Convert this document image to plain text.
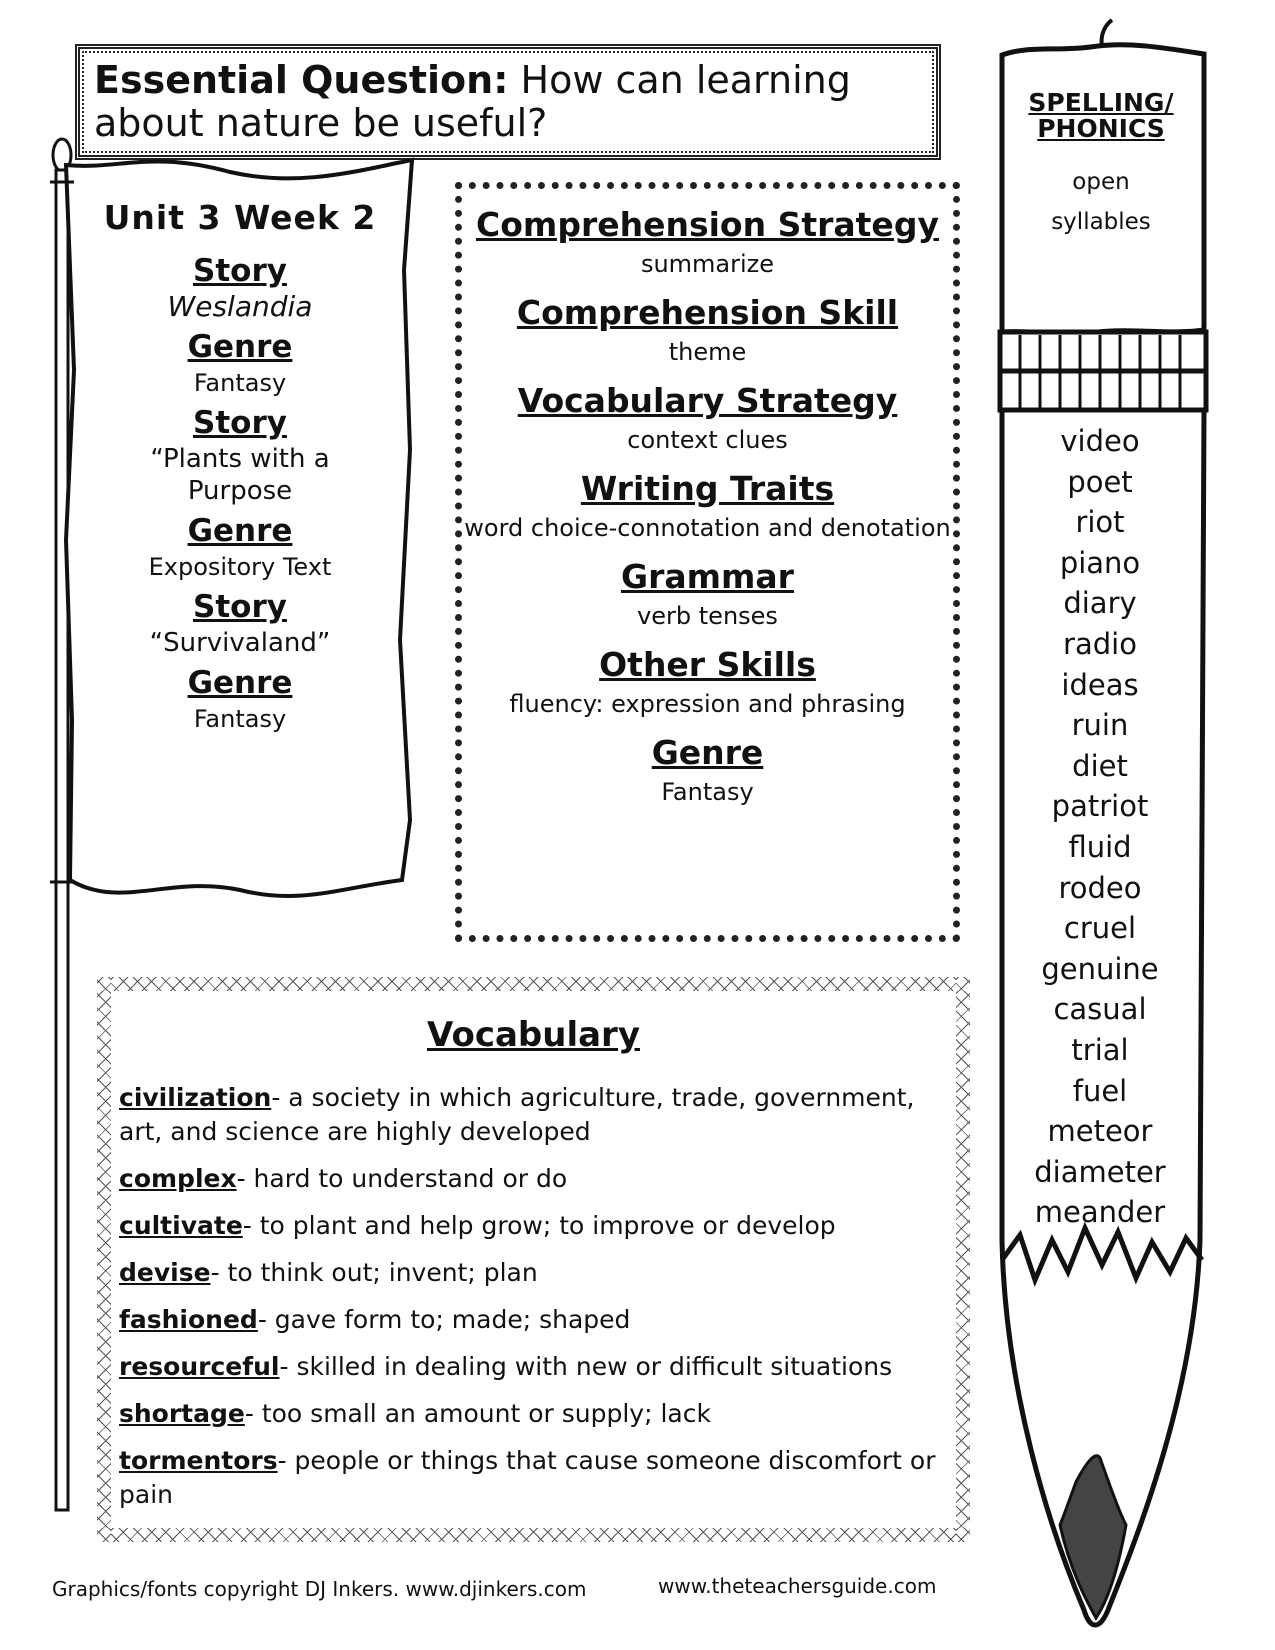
Essential Question: How can learning about nature be useful?
Unit 3 Week 2
Story
Weslandia
Genre
Fantasy
Story
“Plants with a Purpose
Genre
Expository Text
Story
“Survivaland”
Genre
Fantasy
Comprehension Strategy
summarize
Comprehension Skill
theme
Vocabulary Strategy
context clues
Writing Traits
word choice-connotation and denotation
Grammar
verb tenses
Other Skills
fluency: expression and phrasing
Genre
Fantasy
Vocabulary
civilization- a society in which agriculture, trade, government, art, and science are highly developed
complex- hard to understand or do
cultivate- to plant and help grow; to improve or develop
devise- to think out; invent; plan
fashioned- gave form to; made; shaped
resourceful- skilled in dealing with new or difficult situations
shortage- too small an amount or supply; lack
tormentors- people or things that cause someone discomfort or pain
SPELLING/
PHONICS
open
syllables
video
poet
riot
piano
diary
radio
ideas
ruin
diet
patriot
fluid
rodeo
cruel
genuine
casual
trial
fuel
meteor
diameter
meander
Graphics/fonts copyright DJ Inkers. www.djinkers.com	www.theteachersguide.com
